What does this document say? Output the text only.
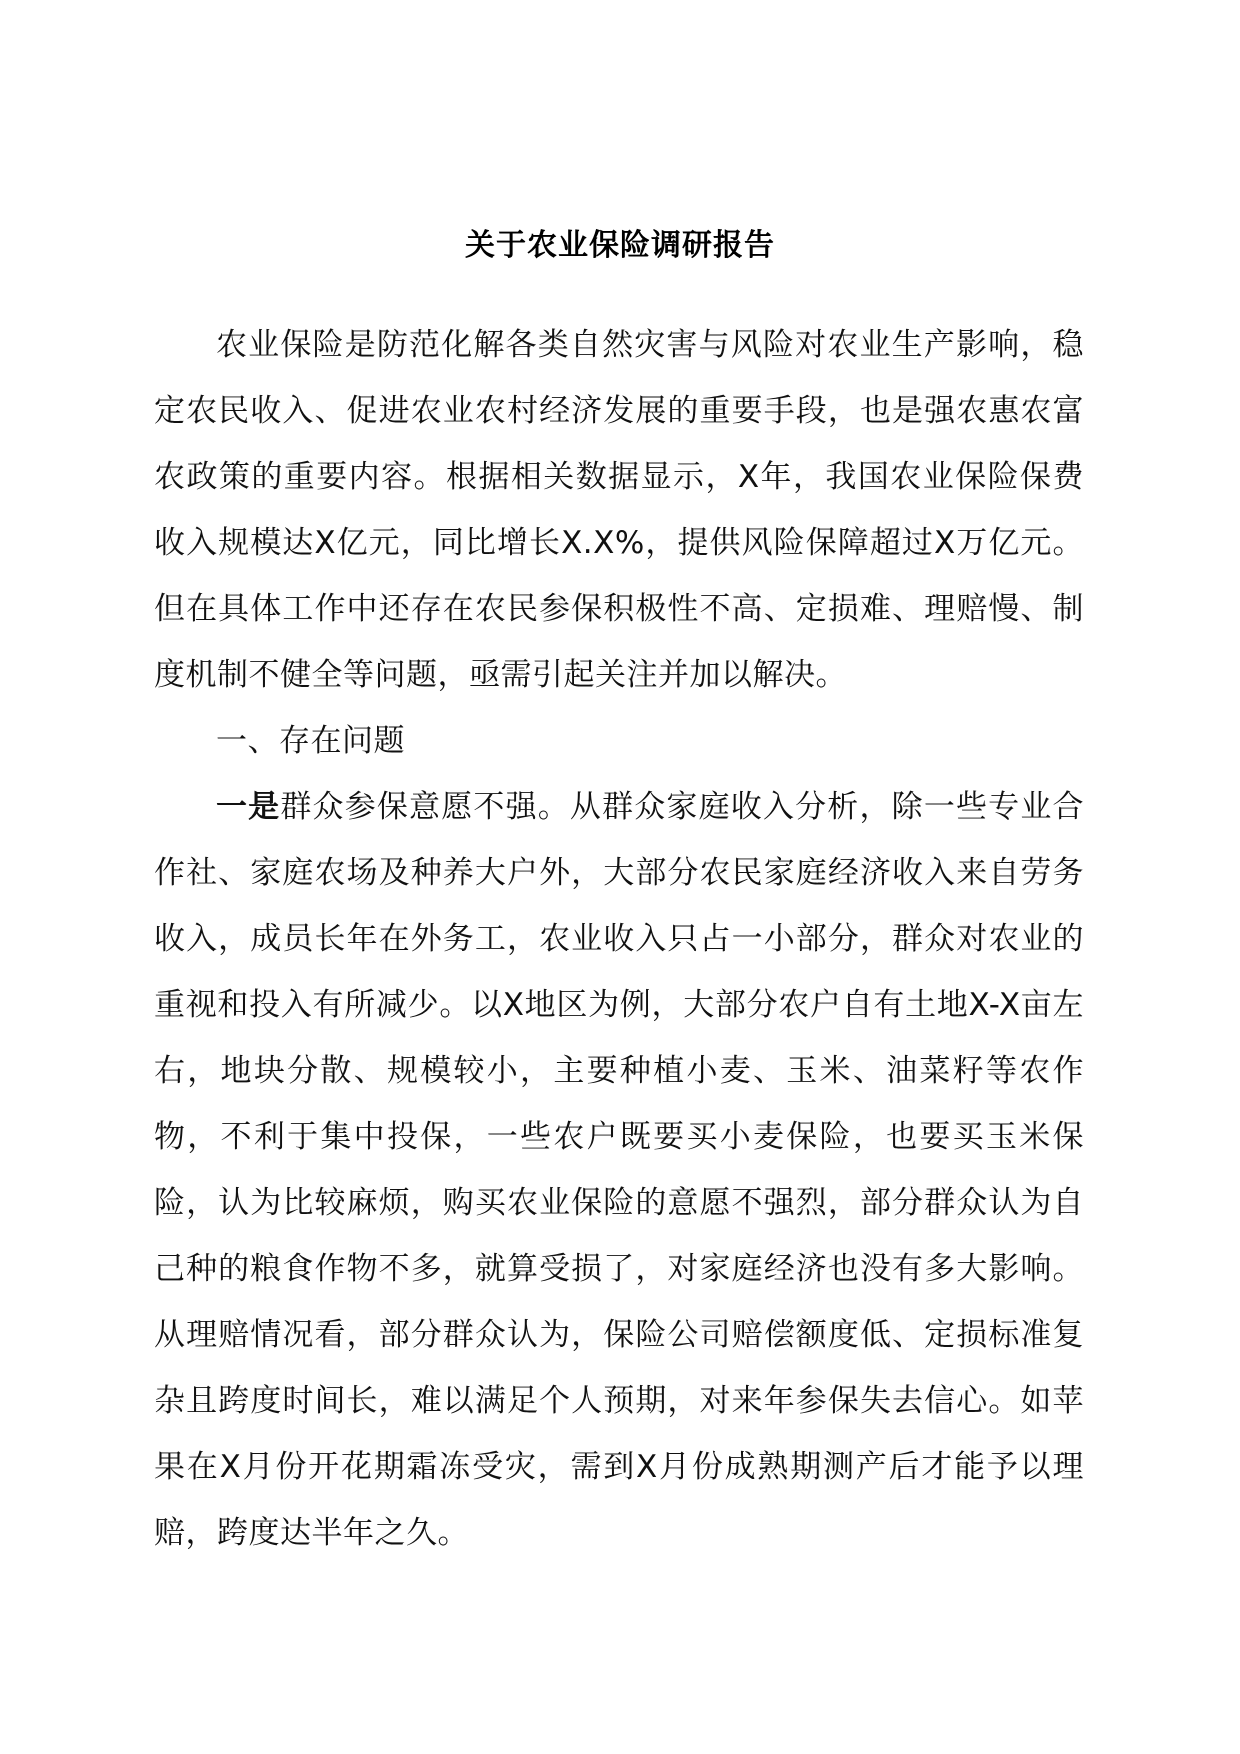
关于农业保险调研报告

农业保险是防范化解各类自然灾害与风险对农业生产影响，稳定农民收入、促进农业农村经济发展的重要手段，也是强农惠农富农政策的重要内容。根据相关数据显示，X年，我国农业保险保费收入规模达X亿元，同比增长X.X%，提供风险保障超过X万亿元。但在具体工作中还存在农民参保积极性不高、定损难、理赔慢、制度机制不健全等问题，亟需引起关注并加以解决。

一、存在问题

一是群众参保意愿不强。从群众家庭收入分析，除一些专业合作社、家庭农场及种养大户外，大部分农民家庭经济收入来自劳务收入，成员长年在外务工，农业收入只占一小部分，群众对农业的重视和投入有所减少。以X地区为例，大部分农户自有土地X-X亩左右，地块分散、规模较小，主要种植小麦、玉米、油菜籽等农作物，不利于集中投保，一些农户既要买小麦保险，也要买玉米保险，认为比较麻烦，购买农业保险的意愿不强烈，部分群众认为自己种的粮食作物不多，就算受损了，对家庭经济也没有多大影响。从理赔情况看，部分群众认为，保险公司赔偿额度低、定损标准复杂且跨度时间长，难以满足个人预期，对来年参保失去信心。如苹果在X月份开花期霜冻受灾，需到X月份成熟期测产后才能予以理赔，跨度达半年之久。
